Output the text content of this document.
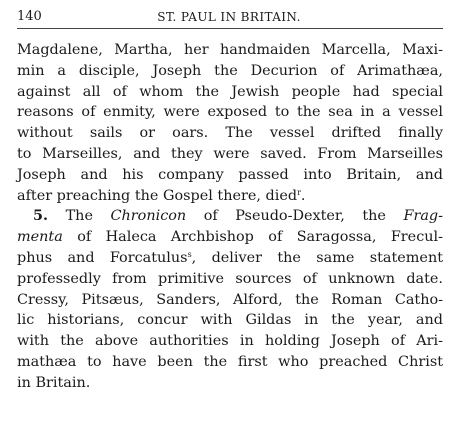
140	ST. PAUL IN BRITAIN.
Magdalene, Martha, her handmaiden Marcella, Maxi-
min a disciple, Joseph the Decurion of Arimathæa,
against all of whom the Jewish people had special
reasons of enmity, were exposed to the sea in a vessel
without sails or oars. The vessel drifted finally
to Marseilles, and they were saved. From Marseilles
Joseph and his company passed into Britain, and
after preaching the Gospel there, died$^r$.
5. The Chronicon of Pseudo-Dexter, the Frag-
menta of Haleca Archbishop of Saragossa, Frecul-
phus and Forcatulus$^s$, deliver the same statement
professedly from primitive sources of unknown date.
Cressy, Pitsæus, Sanders, Alford, the Roman Catho-
lic historians, concur with Gildas in the year, and
with the above authorities in holding Joseph of Ari-
mathæa to have been the first who preached Christ
in Britain.
